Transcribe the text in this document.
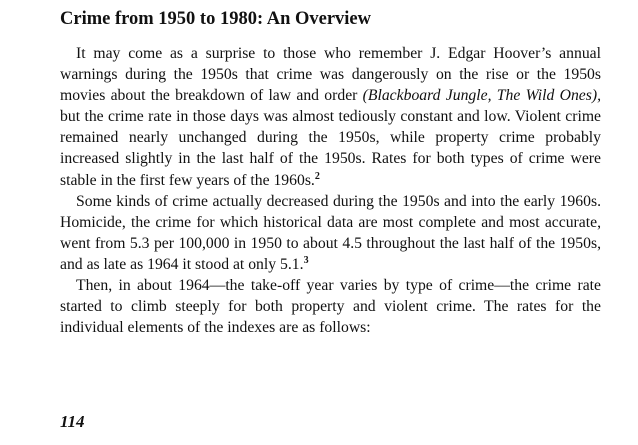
Crime from 1950 to 1980: An Overview

It may come as a surprise to those who remember J. Edgar Hoover’s annual warnings during the 1950s that crime was dangerously on the rise or the 1950s movies about the breakdown of law and order (Blackboard Jungle, The Wild Ones), but the crime rate in those days was almost tediously constant and low. Violent crime remained nearly unchanged during the 1950s, while property crime probably increased slightly in the last half of the 1950s. Rates for both types of crime were stable in the first few years of the 1960s.$^2$

Some kinds of crime actually decreased during the 1950s and into the early 1960s. Homicide, the crime for which historical data are most complete and most accurate, went from 5.3 per 100,000 in 1950 to about 4.5 throughout the last half of the 1950s, and as late as 1964 it stood at only 5.1.$^3$

Then, in about 1964—the take-off year varies by type of crime—the crime rate started to climb steeply for both property and violent crime. The rates for the individual elements of the indexes are as follows:

114
